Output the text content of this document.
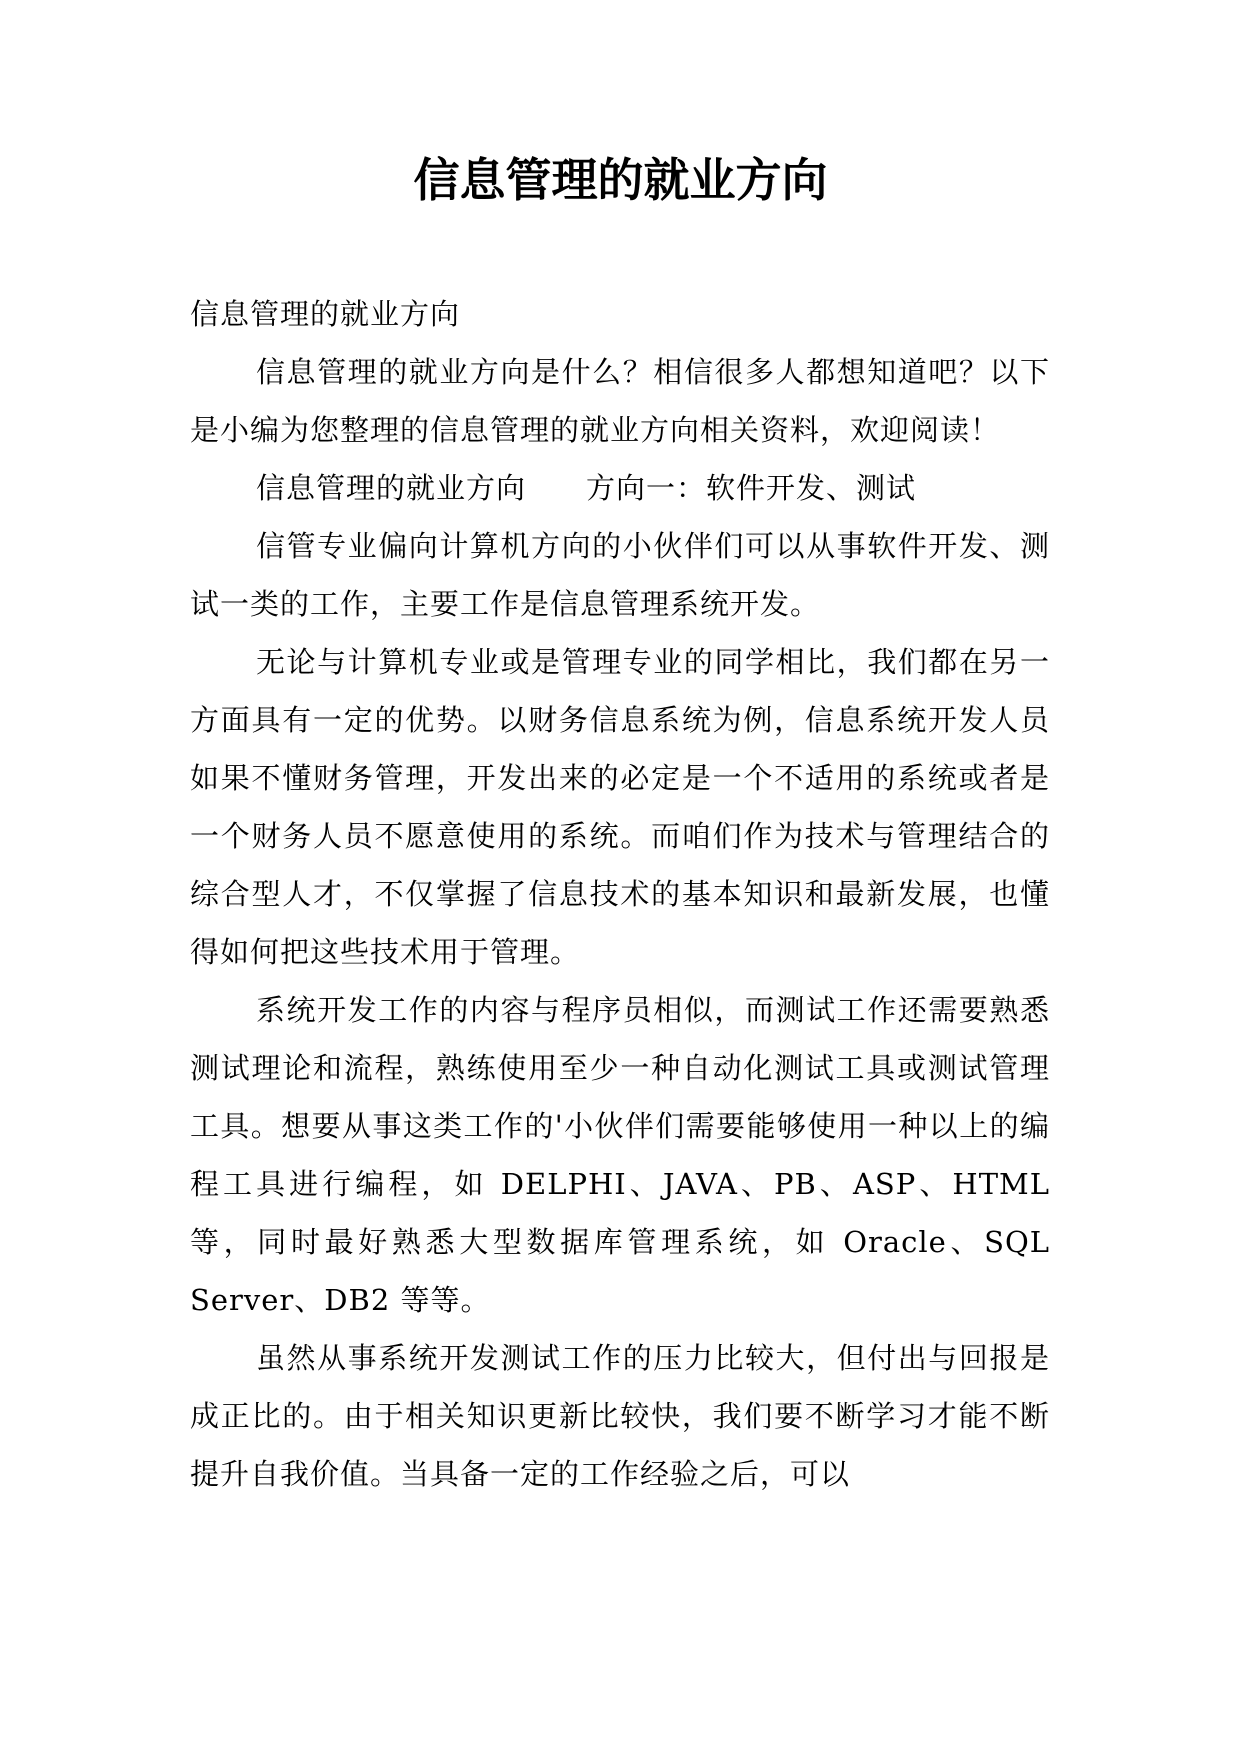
信息管理的就业方向

信息管理的就业方向

信息管理的就业方向是什么？相信很多人都想知道吧？以下是小编为您整理的信息管理的就业方向相关资料，欢迎阅读！

信息管理的就业方向　　方向一：软件开发、测试

信管专业偏向计算机方向的小伙伴们可以从事软件开发、测试一类的工作，主要工作是信息管理系统开发。

无论与计算机专业或是管理专业的同学相比，我们都在另一方面具有一定的优势。以财务信息系统为例，信息系统开发人员如果不懂财务管理，开发出来的必定是一个不适用的系统或者是一个财务人员不愿意使用的系统。而咱们作为技术与管理结合的综合型人才，不仅掌握了信息技术的基本知识和最新发展，也懂得如何把这些技术用于管理。

系统开发工作的内容与程序员相似，而测试工作还需要熟悉测试理论和流程，熟练使用至少一种自动化测试工具或测试管理工具。想要从事这类工作的'小伙伴们需要能够使用一种以上的编程工具进行编程，如 DELPHI、JAVA、PB、ASP、HTML 等，同时最好熟悉大型数据库管理系统，如 Oracle、SQL Server、DB2 等等。

虽然从事系统开发测试工作的压力比较大，但付出与回报是成正比的。由于相关知识更新比较快，我们要不断学习才能不断提升自我价值。当具备一定的工作经验之后，可以
